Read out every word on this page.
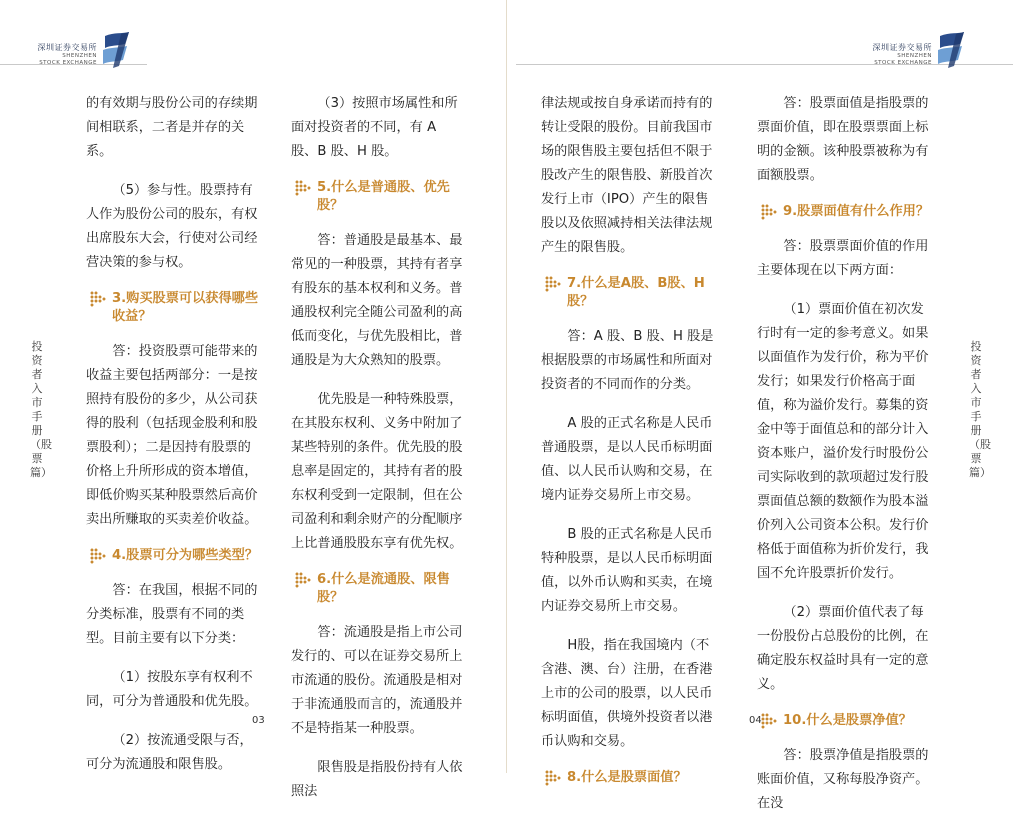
深圳证券交易所
SHENZHEN
STOCK EXCHANGE
深圳证券交易所
SHENZHEN
STOCK EXCHANGE
投资者入市手册（股票篇）
投资者入市手册（股票篇）

的有效期与股份公司的存续期间相联系，二者是并存的关系。

（5）参与性。股票持有人作为股份公司的股东，有权出席股东大会，行使对公司经营决策的参与权。

3.购买股票可以获得哪些收益？

答：投资股票可能带来的收益主要包括两部分：一是按照持有股份的多少，从公司获得的股利（包括现金股利和股票股利）；二是因持有股票的价格上升所形成的资本增值，即低价购买某种股票然后高价卖出所赚取的买卖差价收益。

4.股票可分为哪些类型？

答：在我国，根据不同的分类标准，股票有不同的类型。目前主要有以下分类：

（1）按股东享有权利不同，可分为普通股和优先股。

（2）按流通受限与否，可分为流通股和限售股。

（3）按照市场属性和所面对投资者的不同，有 A 股、B 股、H 股。

5.什么是普通股、优先股？

答：普通股是最基本、最常见的一种股票，其持有者享有股东的基本权利和义务。普通股权利完全随公司盈利的高低而变化，与优先股相比，普通股是为大众熟知的股票。

优先股是一种特殊股票，在其股东权利、义务中附加了某些特别的条件。优先股的股息率是固定的，其持有者的股东权利受到一定限制，但在公司盈利和剩余财产的分配顺序上比普通股股东享有优先权。

6.什么是流通股、限售股？

答：流通股是指上市公司发行的、可以在证券交易所上市流通的股份。流通股是相对于非流通股而言的，流通股并不是特指某一种股票。

限售股是指股份持有人依照法

律法规或按自身承诺而持有的转让受限的股份。目前我国市场的限售股主要包括但不限于股改产生的限售股、新股首次发行上市（IPO）产生的限售股以及依照减持相关法律法规产生的限售股。

7.什么是A股、B股、H股？

答：A 股、B 股、H 股是根据股票的市场属性和所面对投资者的不同而作的分类。

A 股的正式名称是人民币普通股票，是以人民币标明面值、以人民币认购和交易，在境内证券交易所上市交易。

B 股的正式名称是人民币特种股票，是以人民币标明面值，以外币认购和买卖，在境内证券交易所上市交易。

H股，指在我国境内（不含港、澳、台）注册，在香港上市的公司的股票，以人民币标明面值，供境外投资者以港币认购和交易。

8.什么是股票面值？

答：股票面值是指股票的票面价值，即在股票票面上标明的金额。该种股票被称为有面额股票。

9.股票面值有什么作用？

答：股票票面价值的作用主要体现在以下两方面：

（1）票面价值在初次发行时有一定的参考意义。如果以面值作为发行价，称为平价发行；如果发行价格高于面值，称为溢价发行。募集的资金中等于面值总和的部分计入资本账户，溢价发行时股份公司实际收到的款项超过发行股票面值总额的数额作为股本溢价列入公司资本公积。发行价格低于面值称为折价发行，我国不允许股票折价发行。

（2）票面价值代表了每一份股份占总股份的比例，在确定股东权益时具有一定的意义。

10.什么是股票净值？

答：股票净值是指股票的账面价值，又称每股净资产。在没

03	04
